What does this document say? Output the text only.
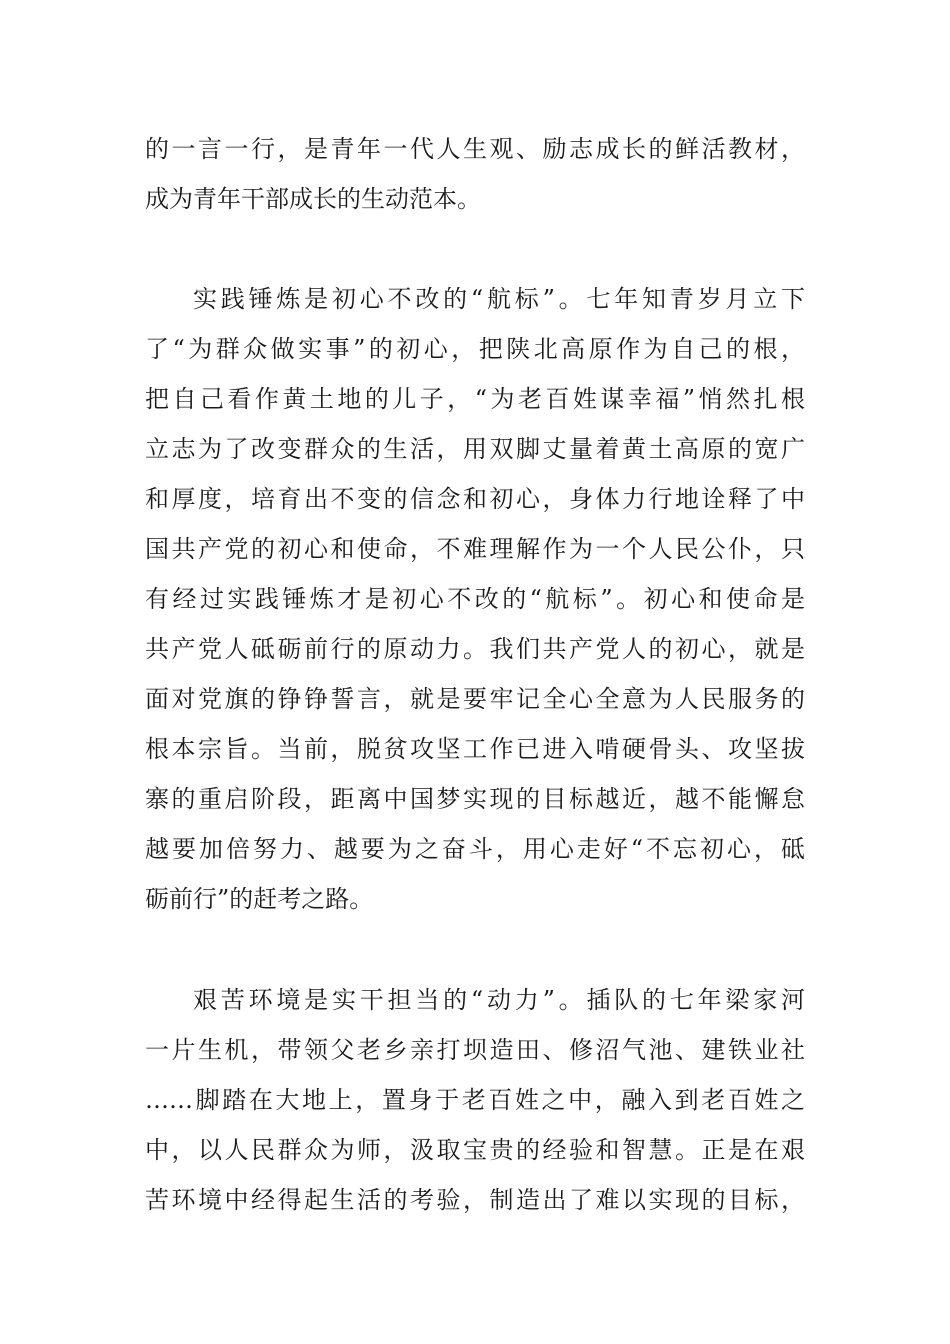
的一言一行，是青年一代人生观、励志成长的鲜活教材，
成为青年干部成长的生动范本。
实践锤炼是初心不改的“航标”。七年知青岁月立下
了“为群众做实事”的初心，把陕北高原作为自己的根，
把自己看作黄土地的儿子，“为老百姓谋幸福”悄然扎根
立志为了改变群众的生活，用双脚丈量着黄土高原的宽广
和厚度，培育出不变的信念和初心，身体力行地诠释了中
国共产党的初心和使命，不难理解作为一个人民公仆，只
有经过实践锤炼才是初心不改的“航标”。初心和使命是
共产党人砥砺前行的原动力。我们共产党人的初心，就是
面对党旗的铮铮誓言，就是要牢记全心全意为人民服务的
根本宗旨。当前，脱贫攻坚工作已进入啃硬骨头、攻坚拔
寨的重启阶段，距离中国梦实现的目标越近，越不能懈怠
越要加倍努力、越要为之奋斗，用心走好“不忘初心，砥
砺前行”的赶考之路。
艰苦环境是实干担当的“动力”。插队的七年梁家河
一片生机，带领父老乡亲打坝造田、修沼气池、建铁业社
……脚踏在大地上，置身于老百姓之中，融入到老百姓之
中，以人民群众为师，汲取宝贵的经验和智慧。正是在艰
苦环境中经得起生活的考验，制造出了难以实现的目标，
